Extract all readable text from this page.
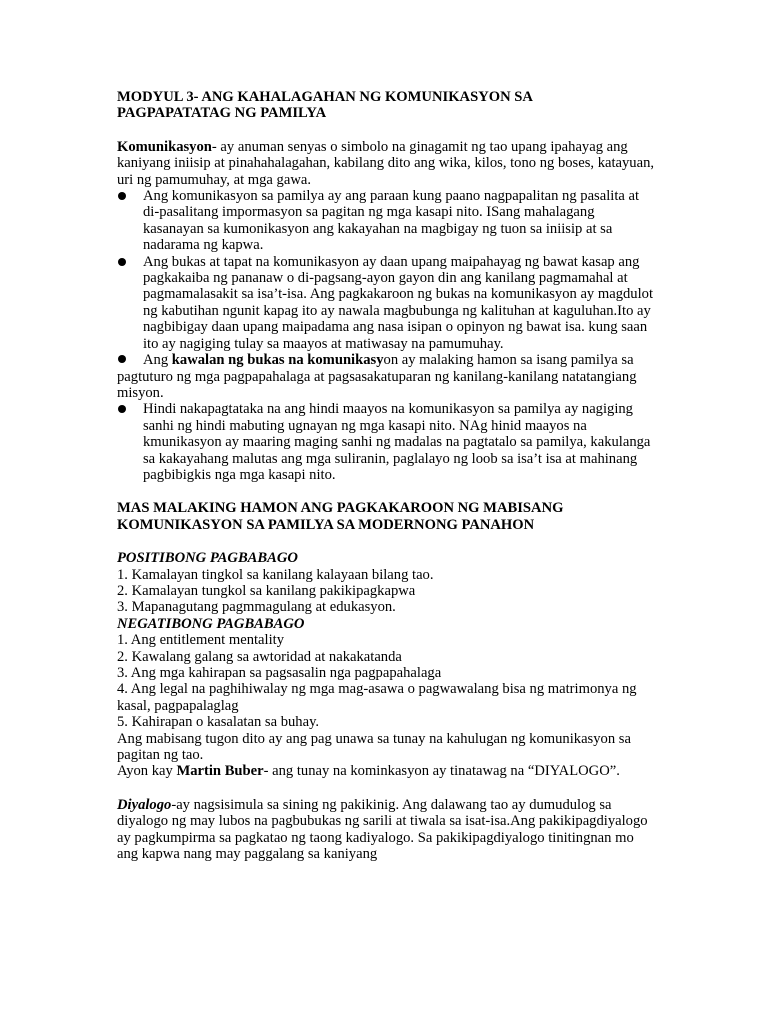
MODYUL 3- ANG KAHALAGAHAN NG KOMUNIKASYON SA
PAGPAPATATAG NG PAMILYA

Komunikasyon- ay anuman senyas o simbolo na ginagamit ng tao upang ipahayag ang kaniyang iniisip at pinahahalagahan, kabilang dito ang wika, kilos, tono ng boses, katayuan, uri ng pamumuhay, at mga gawa.

Ang komunikasyon sa pamilya ay ang paraan kung paano nagpapalitan ng pasalita at di-pasalitang impormasyon sa pagitan ng mga kasapi nito. ISang mahalagang kasanayan sa kumonikasyon ang kakayahan na magbigay ng tuon sa iniisip at sa nadarama ng kapwa.
Ang bukas at tapat na komunikasyon ay daan upang maipahayag ng bawat kasap ang pagkakaiba ng pananaw o di-pagsang-ayon gayon din ang kanilang pagmamahal at pagmamalasakit sa isa’t-isa. Ang pagkakaroon ng bukas na komunikasyon ay magdulot ng kabutihan ngunit kapag ito ay nawala magbubunga ng kalituhan at kaguluhan.Ito ay nagbibigay daan upang maipadama ang nasa isipan o opinyon ng bawat isa. kung saan ito ay nagiging tulay sa maayos at matiwasay na pamumuhay.

Ang kawalan ng bukas na komunikasyon ay malaking hamon sa isang pamilya sa pagtuturo ng mga pagpapahalaga at pagsasakatuparan ng kanilang-kanilang natatangiang misyon.

Hindi nakapagtataka na ang hindi maayos na komunikasyon sa pamilya ay nagiging sanhi ng hindi mabuting ugnayan ng mga kasapi nito. NAg hinid maayos na kmunikasyon ay maaring maging sanhi ng madalas na pagtatalo sa pamilya, kakulanga sa kakayahang malutas ang mga suliranin, paglalayo ng loob sa isa’t isa at mahinang pagbibigkis nga mga kasapi nito.

MAS MALAKING HAMON ANG PAGKAKAROON NG MABISANG
KOMUNIKASYON SA PAMILYA SA MODERNONG PANAHON

POSITIBONG PAGBABAGO

1. Kamalayan tingkol sa kanilang kalayaan bilang tao.

2. Kamalayan tungkol sa kanilang pakikipagkapwa

3. Mapanagutang pagmmagulang at edukasyon.

NEGATIBONG PAGBABAGO

1. Ang entitlement mentality

2. Kawalang galang sa awtoridad at nakakatanda

3. Ang mga kahirapan sa pagsasalin nga pagpapahalaga

4. Ang legal na paghihiwalay ng mga mag-asawa o pagwawalang bisa ng matrimonya ng kasal, pagpapalaglag

5. Kahirapan o kasalatan sa buhay.

Ang mabisang tugon dito ay ang pag unawa sa tunay na kahulugan ng komunikasyon sa pagitan ng tao.

Ayon kay Martin Buber- ang tunay na kominkasyon ay tinatawag na “DIYALOGO”.

Diyalogo-ay nagsisimula sa sining ng pakikinig. Ang dalawang tao ay dumudulog sa diyalogo ng may lubos na pagbubukas ng sarili at tiwala sa isat-isa.Ang pakikipagdiyalogo ay pagkumpirma sa pagkatao ng taong kadiyalogo. Sa pakikipagdiyalogo tinitingnan mo ang kapwa nang may paggalang sa kaniyang
